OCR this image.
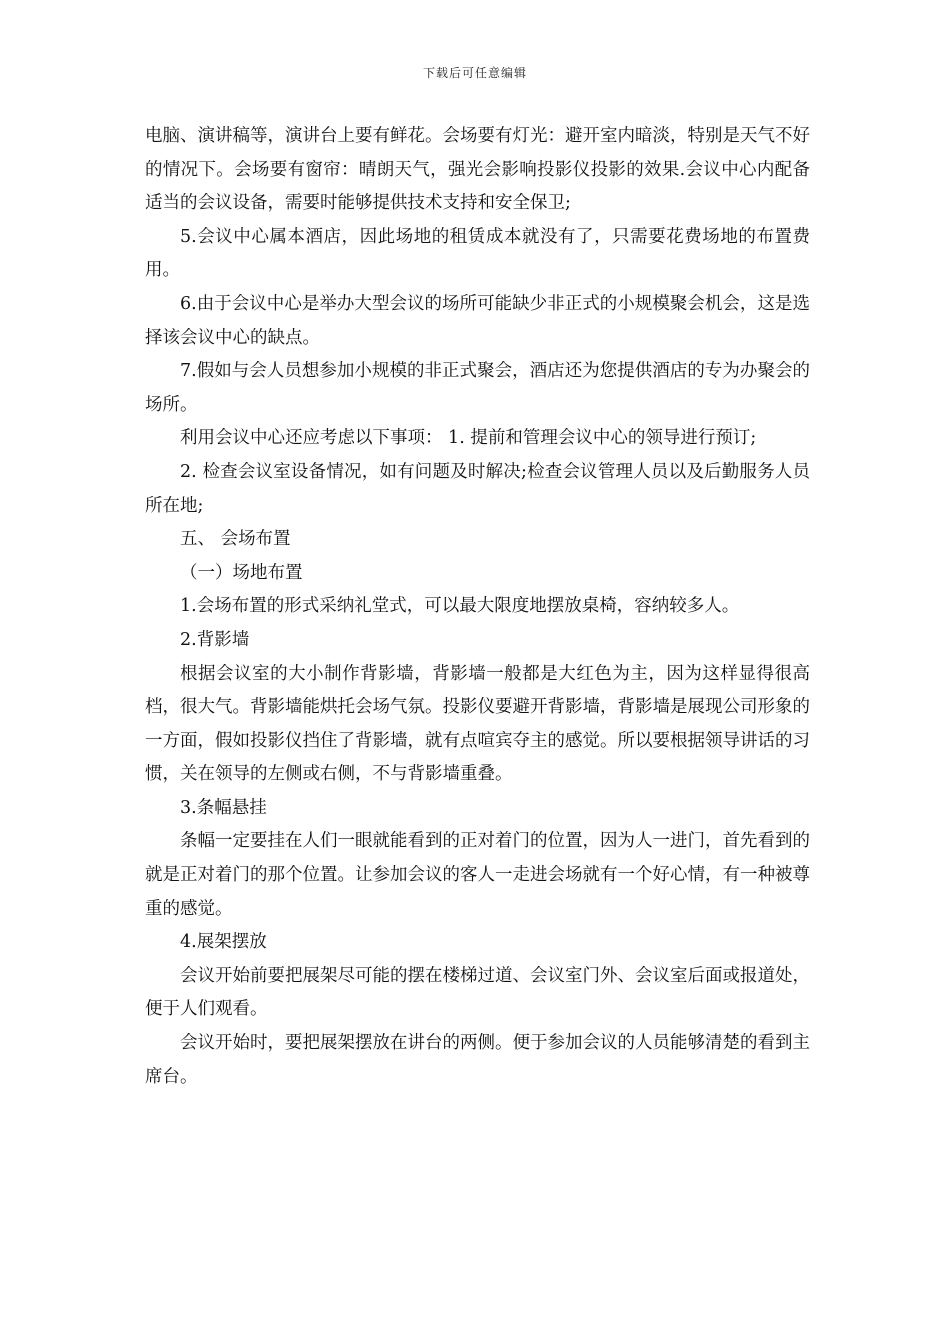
下载后可任意编辑

电脑、演讲稿等，演讲台上要有鲜花。会场要有灯光：避开室内暗淡，特别是天气不好的情况下。会场要有窗帘：晴朗天气，强光会影响投影仪投影的效果.会议中心内配备适当的会议设备，需要时能够提供技术支持和安全保卫;

5.会议中心属本酒店，因此场地的租赁成本就没有了，只需要花费场地的布置费用。

6.由于会议中心是举办大型会议的场所可能缺少非正式的小规模聚会机会，这是选择该会议中心的缺点。

7.假如与会人员想参加小规模的非正式聚会，酒店还为您提供酒店的专为办聚会的场所。

利用会议中心还应考虑以下事项： 1. 提前和管理会议中心的领导进行预订;

2. 检查会议室设备情况，如有问题及时解决;检查会议管理人员以及后勤服务人员所在地;

五、 会场布置

（一）场地布置

1.会场布置的形式采纳礼堂式，可以最大限度地摆放桌椅，容纳较多人。

2.背影墙

根据会议室的大小制作背影墙，背影墙一般都是大红色为主，因为这样显得很高档，很大气。背影墙能烘托会场气氛。投影仪要避开背影墙，背影墙是展现公司形象的一方面，假如投影仪挡住了背影墙，就有点喧宾夺主的感觉。所以要根据领导讲话的习惯，关在领导的左侧或右侧，不与背影墙重叠。

3.条幅悬挂

条幅一定要挂在人们一眼就能看到的正对着门的位置，因为人一进门，首先看到的就是正对着门的那个位置。让参加会议的客人一走进会场就有一个好心情，有一种被尊重的感觉。

4.展架摆放

会议开始前要把展架尽可能的摆在楼梯过道、会议室门外、会议室后面或报道处，便于人们观看。

会议开始时，要把展架摆放在讲台的两侧。便于参加会议的人员能够清楚的看到主席台。
